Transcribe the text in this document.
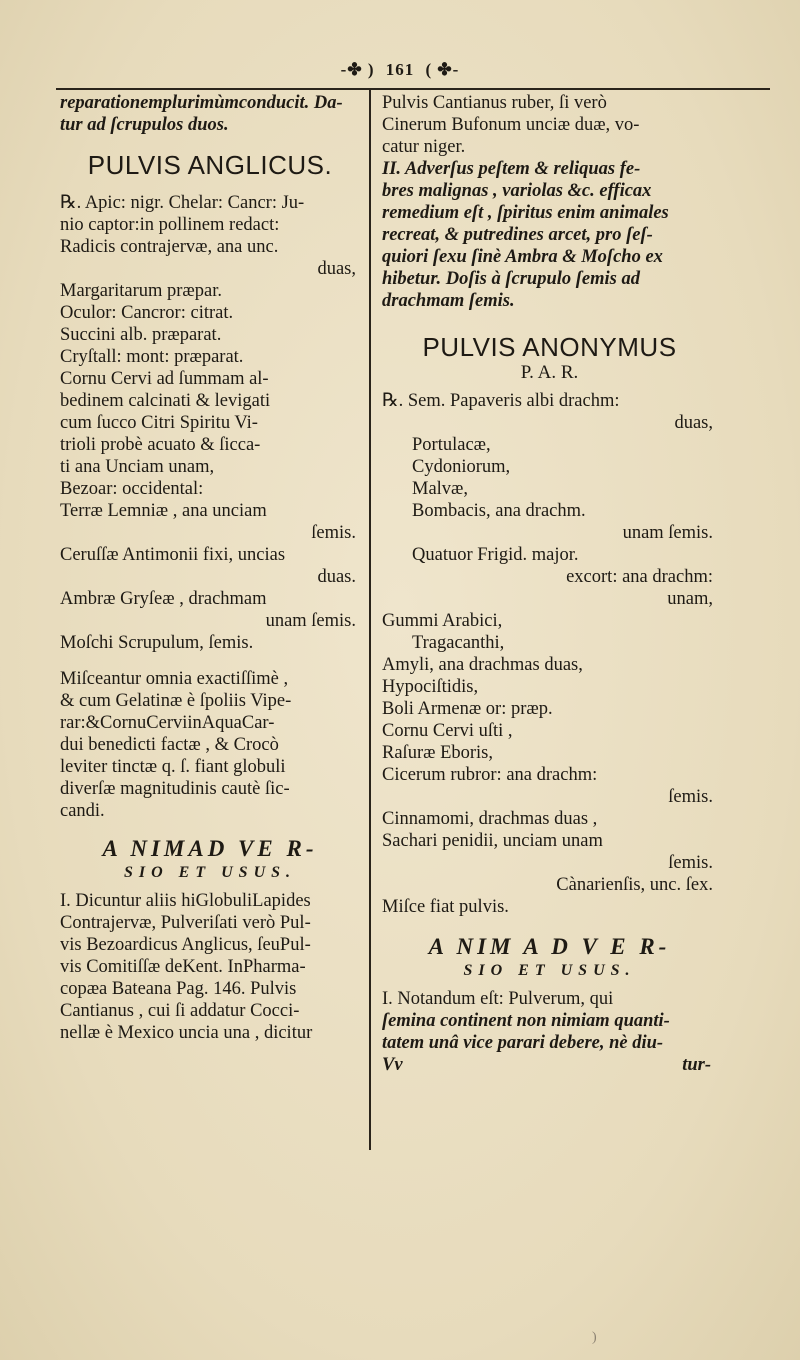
-✤ ) 161 ( ✤-

reparationemplurimùmconducit. Da-

tur ad ſcrupulos duos.

PULVIS ANGLICUS.

℞. Apic: nigr. Chelar: Cancr: Ju-

nio captor:in pollinem redact:

Radicis contrajervæ, ana unc.

duas,

Margaritarum præpar.

Oculor: Cancror: citrat.

Succini alb. præparat.

Cryſtall: mont: præparat.

Cornu Cervi ad ſummam al-

bedinem calcinati & levigati

cum ſucco Citri Spiritu Vi-

trioli probè acuato & ſicca-

ti ana Unciam unam,

Bezoar: occidental:

Terræ Lemniæ , ana unciam

ſemis.

Ceruſſæ Antimonii fixi, uncias

duas.

Ambræ Gryſeæ , drachmam

unam ſemis.

Moſchi Scrupulum, ſemis.

Miſceantur omnia exactiſſimè ,

& cum Gelatinæ è ſpoliis Vipe-

rar:&CornuCerviinAquaCar-

dui benedicti factæ , & Crocò

leviter tinctæ q. ſ. fiant globuli

diverſæ magnitudinis cautè ſic-

candi.

A NIMAD VE R-

SIO ET USUS.

I. Dicuntur aliis hiGlobuliLapides

Contrajervæ, Pulveriſati verò Pul-

vis Bezoardicus Anglicus, ſeuPul-

vis Comitiſſæ deKent. InPharma-

copæa Bateana Pag. 146. Pulvis

Cantianus , cui ſi addatur Cocci-

nellæ è Mexico uncia una , dicitur

Pulvis Cantianus ruber, ſi verò

Cinerum Bufonum unciæ duæ, vo-

catur niger.

II. Adverſus peſtem & reliquas fe-

bres malignas , variolas &c. efficax

remedium eſt , ſpiritus enim animales

recreat, & putredines arcet, pro ſeſ-

quiori ſexu ſinè Ambra & Moſcho ex

hibetur. Doſis à ſcrupulo ſemis ad

drachmam ſemis.

PULVIS ANONYMUS

P. A. R.

℞. Sem. Papaveris albi drachm:

duas,

Portulacæ,

Cydoniorum,

Malvæ,

Bombacis, ana drachm.

unam ſemis.

Quatuor Frigid. major.

excort: ana drachm:

unam,

Gummi Arabici,

Tragacanthi,

Amyli, ana drachmas duas,

Hypociſtidis,

Boli Armenæ or: præp.

Cornu Cervi uſti ,

Raſuræ Eboris,

Cicerum rubror: ana drachm:

ſemis.

Cinnamomi, drachmas duas ,

Sachari penidii, unciam unam

ſemis.

Cànarienſis, unc. ſex.

Miſce fiat pulvis.

A NIM A D V E R-

SIO ET USUS.

I. Notandum eſt: Pulverum, qui

ſemina continent non nimiam quanti-

tatem unâ vice parari debere, nè diu-

Vv	tur-

)
